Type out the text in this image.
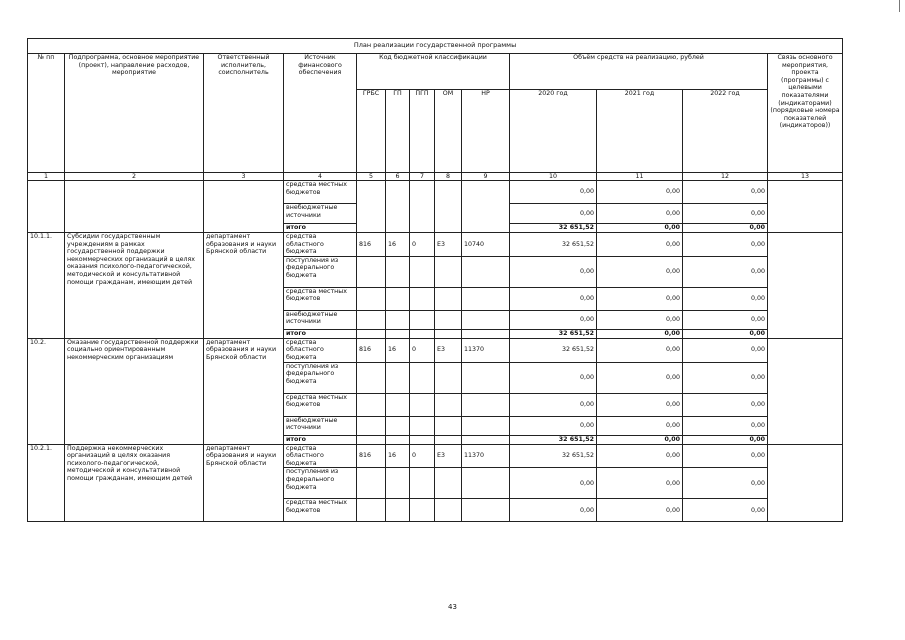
План реализации государственной программы												
№ пп	Подпрограмма, основное мероприятие (проект), направление расходов, мероприятие	Ответственный исполнитель, соисполнитель	Источник финансового обеспечения	Код бюджетной классификации					Объём средств на реализацию, рублей			Связь основного мероприятия, проекта (программы) с целевыми показателями (индикаторами) (порядковые номера показателей (индикаторов))
				ГРБС	ГП	ПГП	ОМ	НР	2020 год	2021 год	2022 год	
1	2	3	4	5	6	7	8	9	10	11	12	13
			средства местных бюджетов						0,00	0,00	0,00	
			внебюджетные источники						0,00	0,00	0,00	
			итого						32 651,52	0,00	0,00	
10.1.1.	Субсидии государственным учреждениям в рамках государственной поддержки некоммерческих организаций в целях оказания психолого-педагогической, методической и консультативной помощи гражданам, имеющим детей	департамент образования и науки Брянской области	средства областного бюджета	816	16	0	Е3	10740	32 651,52	0,00	0,00	
			поступления из федерального бюджета						0,00	0,00	0,00	
			средства местных бюджетов						0,00	0,00	0,00	
			внебюджетные источники						0,00	0,00	0,00	
			итого						32 651,52	0,00	0,00	
10.2.	Оказание государственной поддержки социально ориентированным некоммерческим организациям	департамент образования и науки Брянской области	средства областного бюджета	816	16	0	Е3	11370	32 651,52	0,00	0,00	
			поступления из федерального бюджета						0,00	0,00	0,00	
			средства местных бюджетов						0,00	0,00	0,00	
			внебюджетные источники						0,00	0,00	0,00	
			итого						32 651,52	0,00	0,00	
10.2.1.	Поддержка некоммерческих организаций в целях оказания психолого-педагогической, методической и консультативной помощи гражданам, имеющим детей	департамент образования и науки Брянской области	средства областного бюджета	816	16	0	Е3	11370	32 651,52	0,00	0,00	
			поступления из федерального бюджета						0,00	0,00	0,00	
			средства местных бюджетов						0,00	0,00	0,00	
43
